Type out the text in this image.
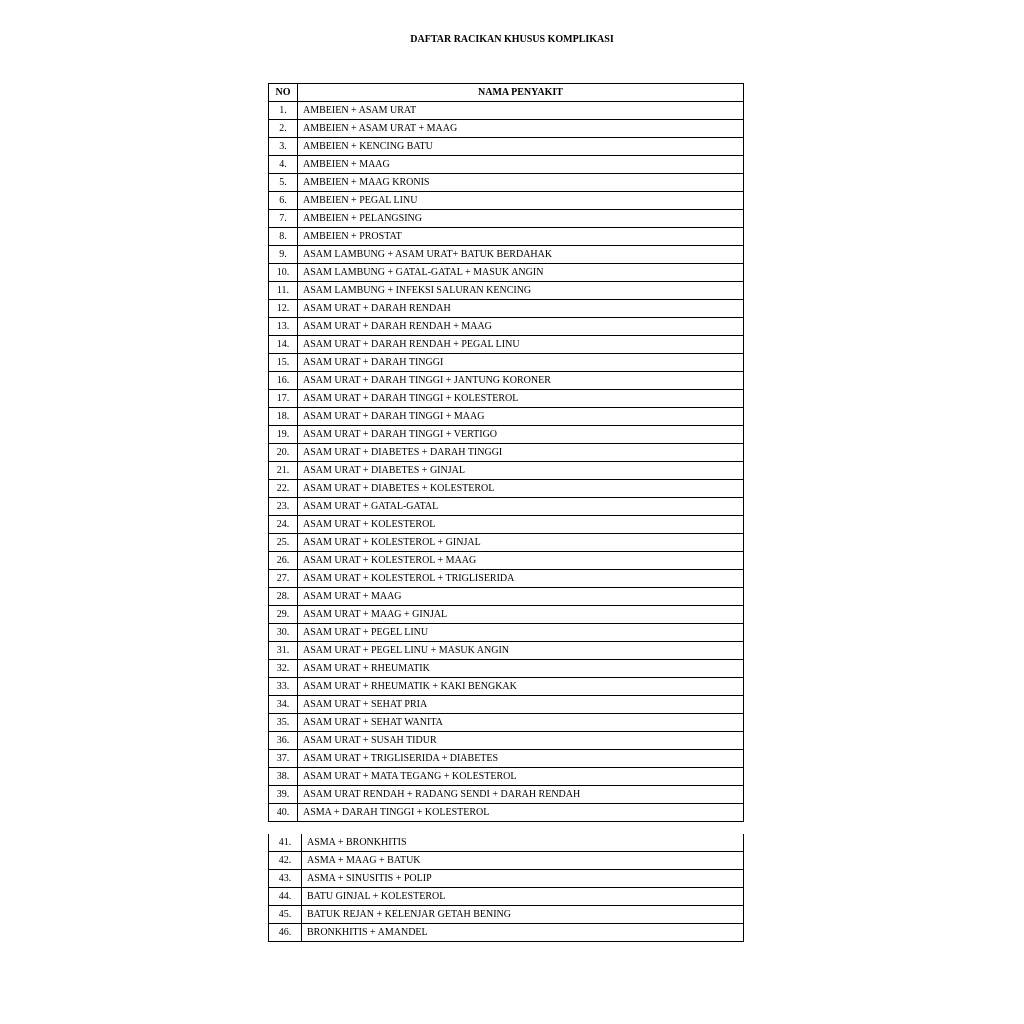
DAFTAR RACIKAN KHUSUS KOMPLIKASI
NO	NAMA PENYAKIT
1.	AMBEIEN + ASAM URAT
2.	AMBEIEN + ASAM URAT + MAAG
3.	AMBEIEN + KENCING BATU
4.	AMBEIEN + MAAG
5.	AMBEIEN + MAAG KRONIS
6.	AMBEIEN + PEGAL LINU
7.	AMBEIEN + PELANGSING
8.	AMBEIEN + PROSTAT
9.	ASAM LAMBUNG + ASAM URAT+ BATUK BERDAHAK
10.	ASAM LAMBUNG + GATAL-GATAL + MASUK ANGIN
11.	ASAM LAMBUNG + INFEKSI SALURAN KENCING
12.	ASAM URAT + DARAH RENDAH
13.	ASAM URAT + DARAH RENDAH + MAAG
14.	ASAM URAT + DARAH RENDAH + PEGAL LINU
15.	ASAM URAT + DARAH TINGGI
16.	ASAM URAT + DARAH TINGGI + JANTUNG KORONER
17.	ASAM URAT + DARAH TINGGI + KOLESTEROL
18.	ASAM URAT + DARAH TINGGI + MAAG
19.	ASAM URAT + DARAH TINGGI + VERTIGO
20.	ASAM URAT + DIABETES + DARAH TINGGI
21.	ASAM URAT + DIABETES + GINJAL
22.	ASAM URAT + DIABETES + KOLESTEROL
23.	ASAM URAT + GATAL-GATAL
24.	ASAM URAT + KOLESTEROL
25.	ASAM URAT + KOLESTEROL + GINJAL
26.	ASAM URAT + KOLESTEROL + MAAG
27.	ASAM URAT + KOLESTEROL + TRIGLISERIDA
28.	ASAM URAT + MAAG
29.	ASAM URAT + MAAG + GINJAL
30.	ASAM URAT + PEGEL LINU
31.	ASAM URAT + PEGEL LINU + MASUK ANGIN
32.	ASAM URAT + RHEUMATIK
33.	ASAM URAT + RHEUMATIK + KAKI BENGKAK
34.	ASAM URAT + SEHAT PRIA
35.	ASAM URAT + SEHAT WANITA
36.	ASAM URAT + SUSAH TIDUR
37.	ASAM URAT + TRIGLISERIDA + DIABETES
38.	ASAM URAT + MATA TEGANG + KOLESTEROL
39.	ASAM URAT RENDAH + RADANG SENDI + DARAH RENDAH
40.	ASMA + DARAH TINGGI + KOLESTEROL
41.	ASMA + BRONKHITIS
42.	ASMA + MAAG + BATUK
43.	ASMA + SINUSITIS + POLIP
44.	BATU GINJAL + KOLESTEROL
45.	BATUK REJAN + KELENJAR GETAH BENING
46.	BRONKHITIS + AMANDEL
